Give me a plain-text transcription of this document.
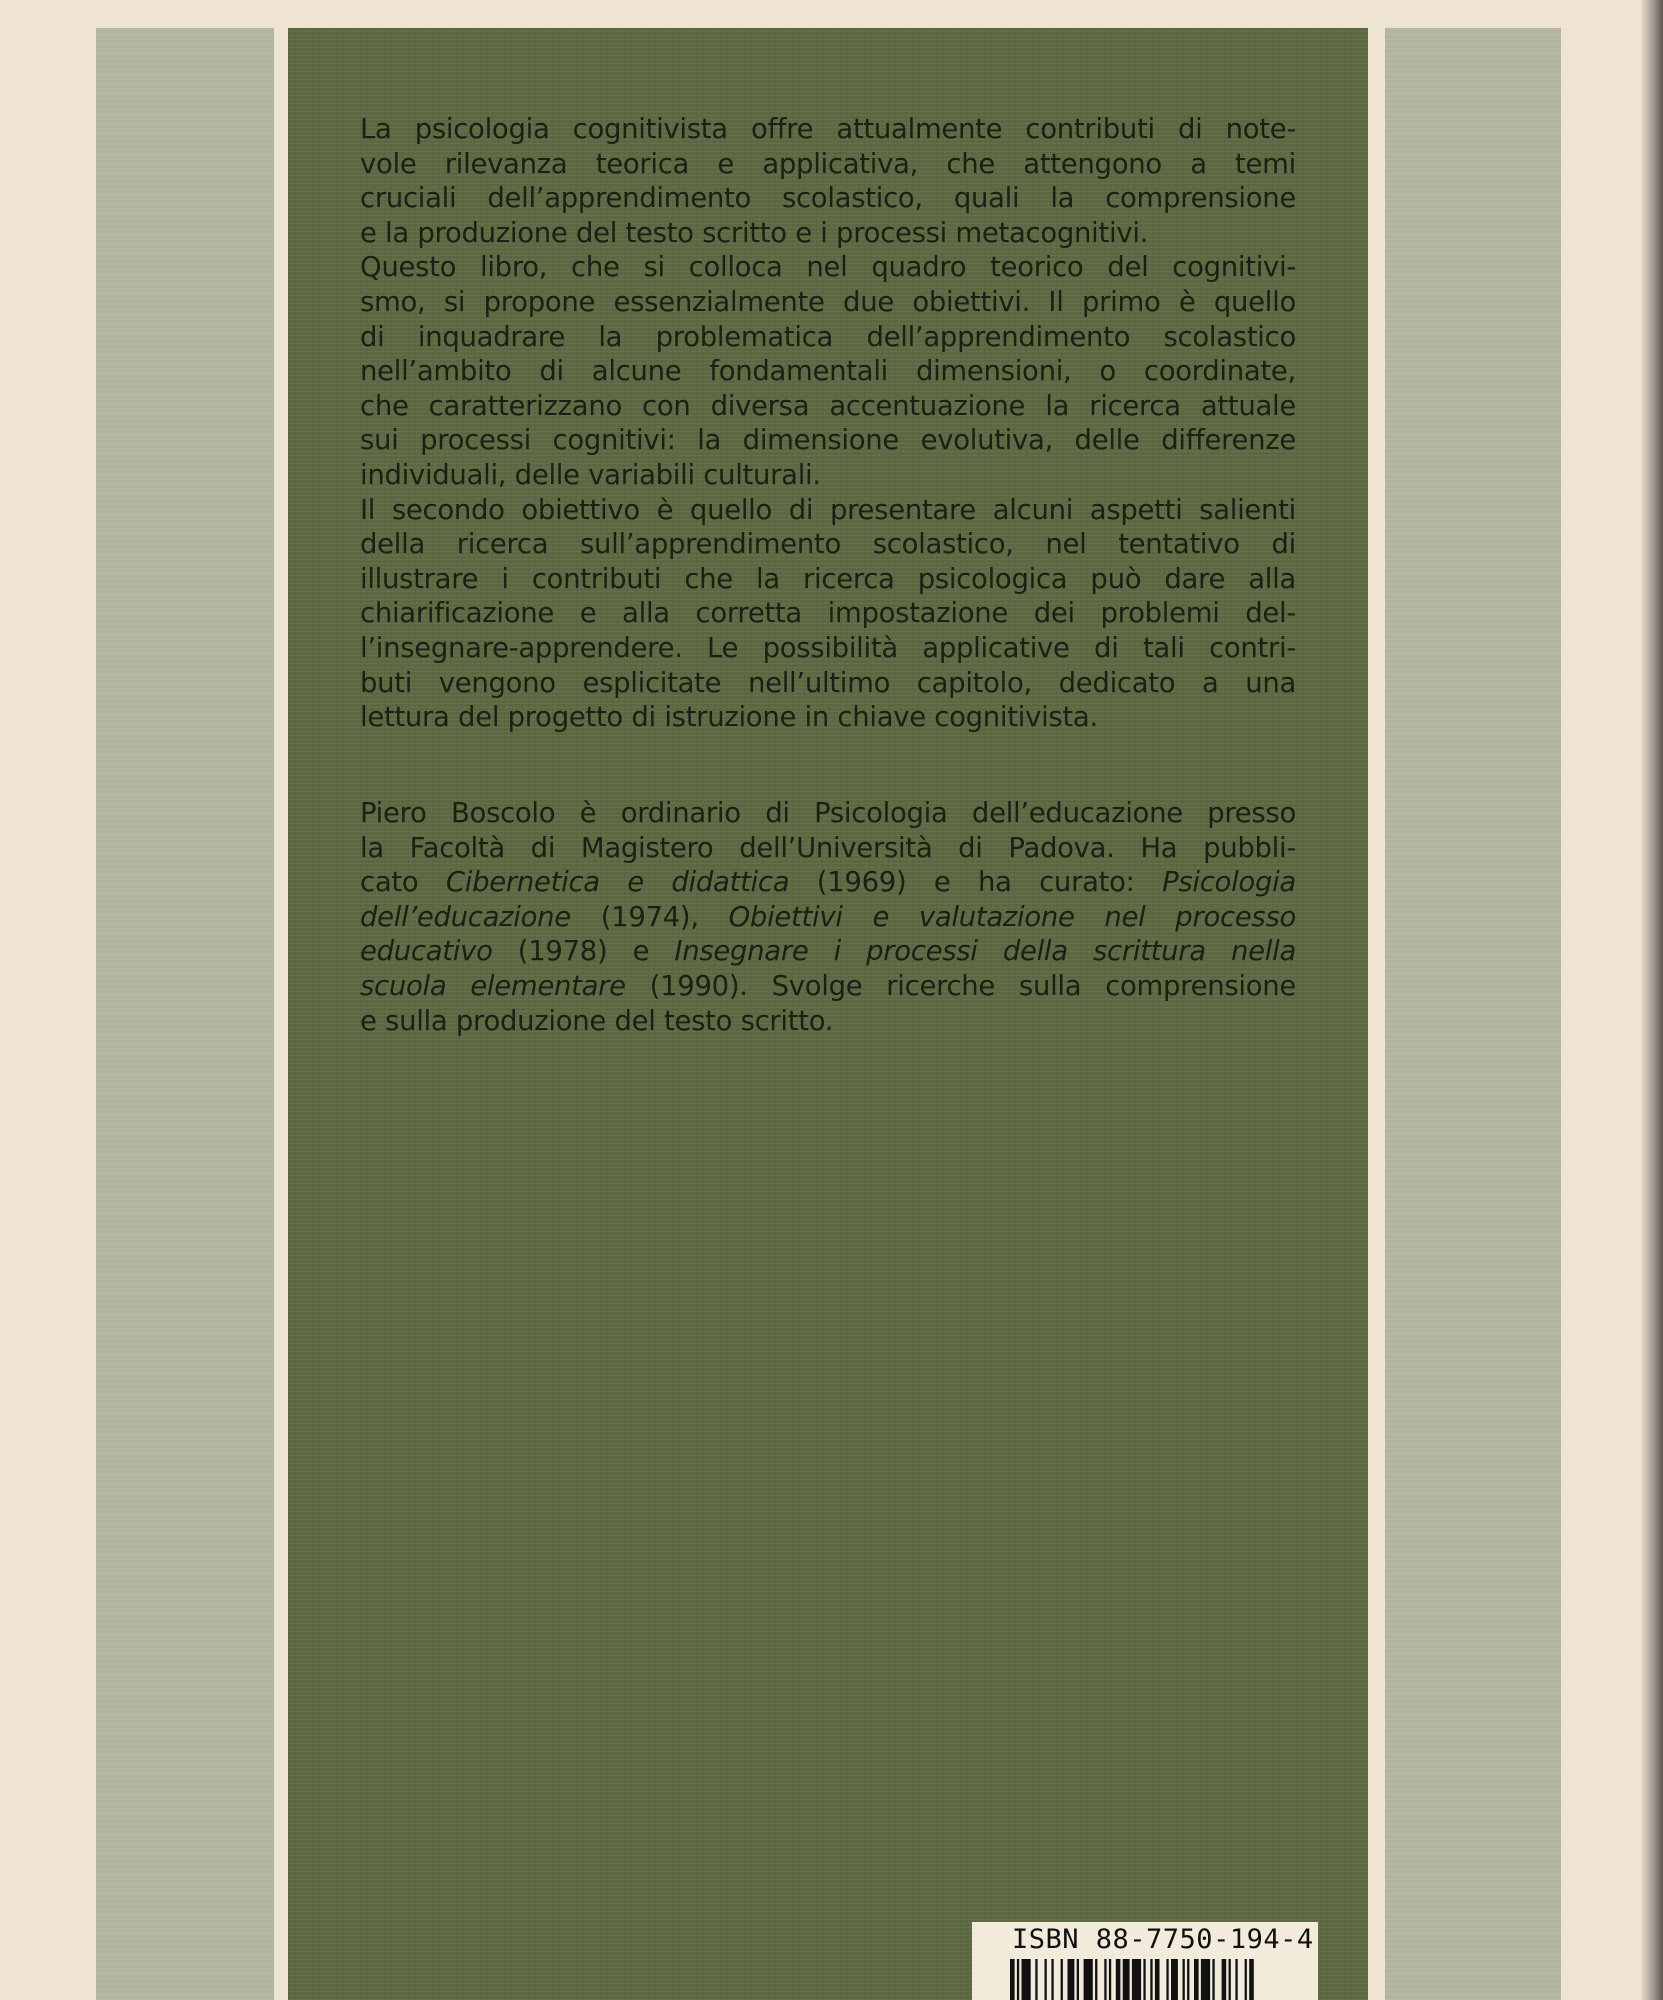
La psicologia cognitivista offre attualmente contributi di note-
vole rilevanza teorica e applicativa, che attengono a temi
cruciali dell’apprendimento scolastico, quali la comprensione
e la produzione del testo scritto e i processi metacognitivi.
Questo libro, che si colloca nel quadro teorico del cognitivi-
smo, si propone essenzialmente due obiettivi. Il primo è quello
di inquadrare la problematica dell’apprendimento scolastico
nell’ambito di alcune fondamentali dimensioni, o coordinate,
che caratterizzano con diversa accentuazione la ricerca attuale
sui processi cognitivi: la dimensione evolutiva, delle differenze
individuali, delle variabili culturali.
Il secondo obiettivo è quello di presentare alcuni aspetti salienti
della ricerca sull’apprendimento scolastico, nel tentativo di
illustrare i contributi che la ricerca psicologica può dare alla
chiarificazione e alla corretta impostazione dei problemi del-
l’insegnare-apprendere. Le possibilità applicative di tali contri-
buti vengono esplicitate nell’ultimo capitolo, dedicato a una
lettura del progetto di istruzione in chiave cognitivista.
Piero Boscolo è ordinario di Psicologia dell’educazione presso
la Facoltà di Magistero dell’Università di Padova. Ha pubbli-
cato Cibernetica e didattica (1969) e ha curato: Psicologia
dell’educazione (1974), Obiettivi e valutazione nel processo
educativo (1978) e Insegnare i processi della scrittura nella
scuola elementare (1990). Svolge ricerche sulla comprensione
e sulla produzione del testo scritto.
ISBN 88-7750-194-4
